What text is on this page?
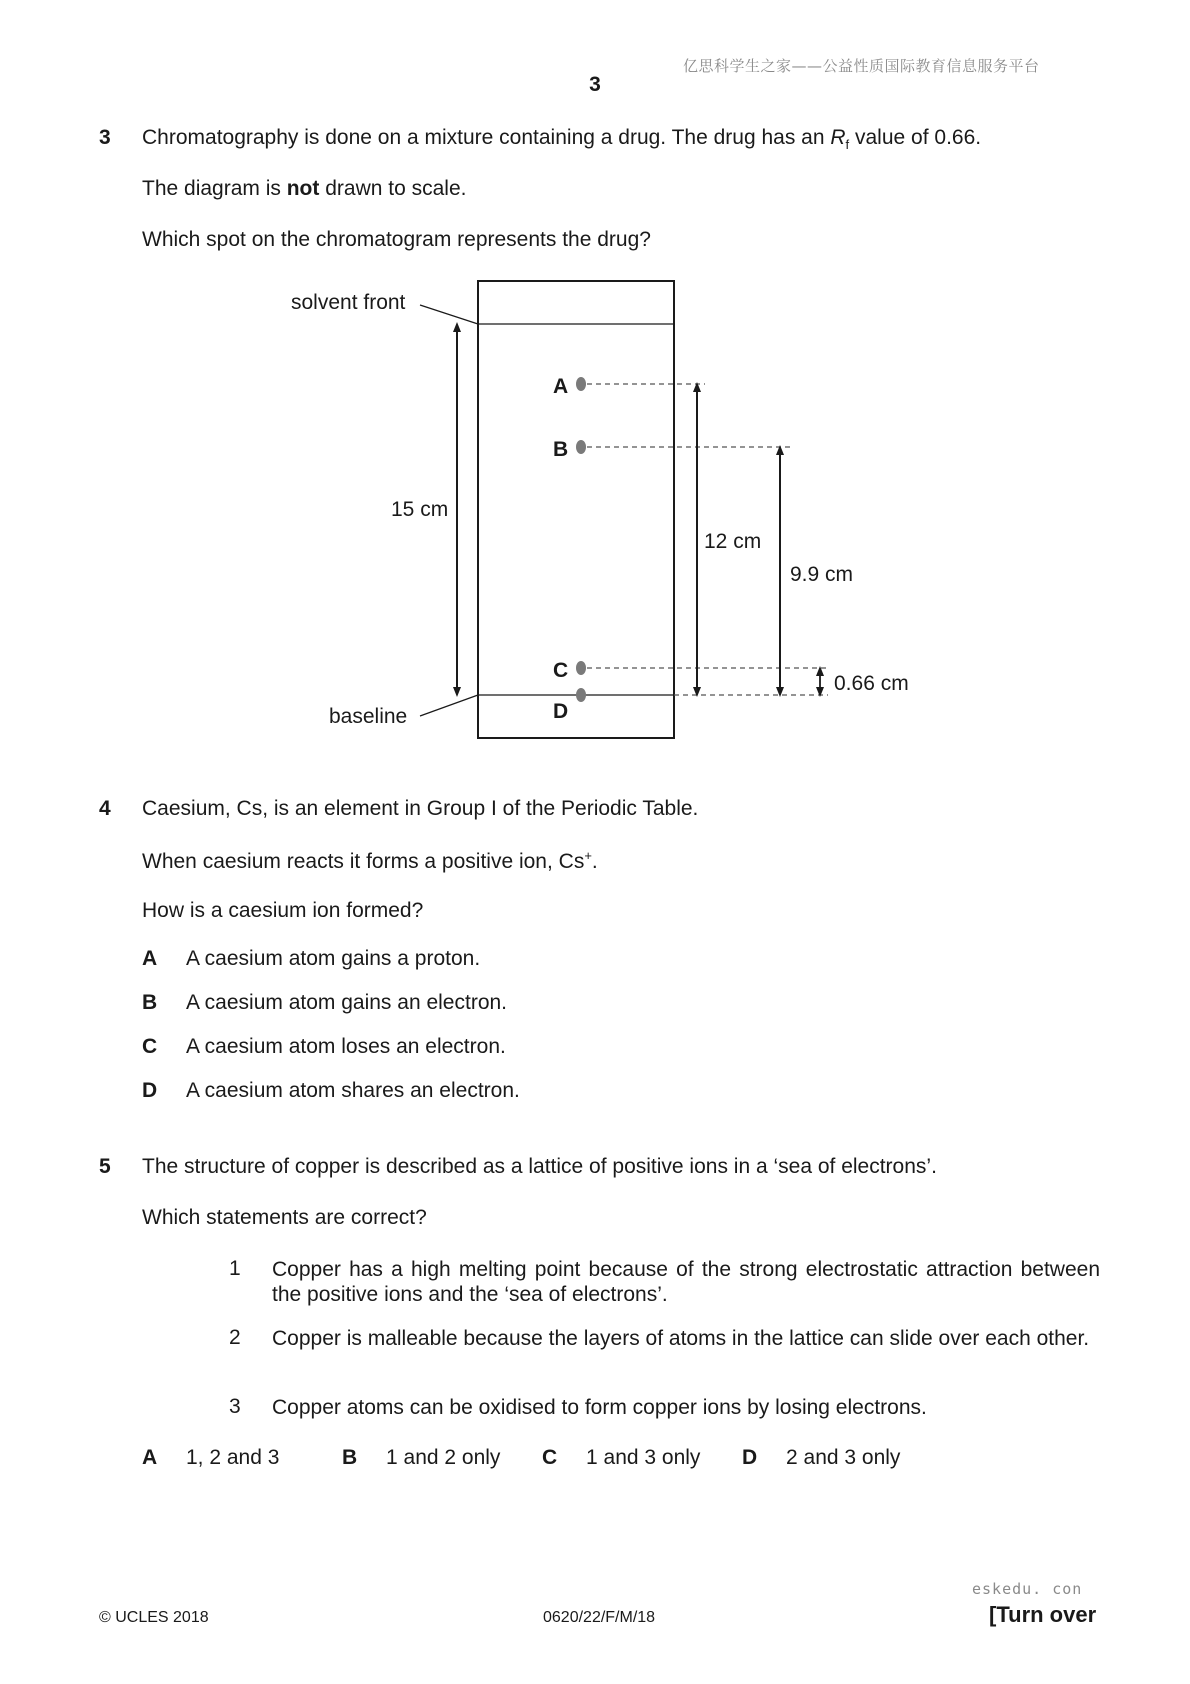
亿思科学生之家——公益性质国际教育信息服务平台
3
3 Chromatography is done on a mixture containing a drug. The drug has an $R_f$ value of 0.66.
The diagram is not drawn to scale.
Which spot on the chromatogram represents the drug?
solvent front
baseline
15 cm
A
B
C
D
12 cm
9.9 cm
0.66 cm
4 Caesium, Cs, is an element in Group I of the Periodic Table.
When caesium reacts it forms a positive ion, Cs+.
How is a caesium ion formed?
A A caesium atom gains a proton.
B A caesium atom gains an electron.
C A caesium atom loses an electron.
D A caesium atom shares an electron.
5 The structure of copper is described as a lattice of positive ions in a ‘sea of electrons’.
Which statements are correct?
1 Copper has a high melting point because of the strong electrostatic attraction between the positive ions and the ‘sea of electrons’.
2 Copper is malleable because the layers of atoms in the lattice can slide over each other.
3 Copper atoms can be oxidised to form copper ions by losing electrons.
A 1, 2 and 3	B 1 and 2 only C 1 and 3 only D 2 and 3 only
eskedu. con
© UCLES 2018	0620/22/F/M/18	[Turn over
